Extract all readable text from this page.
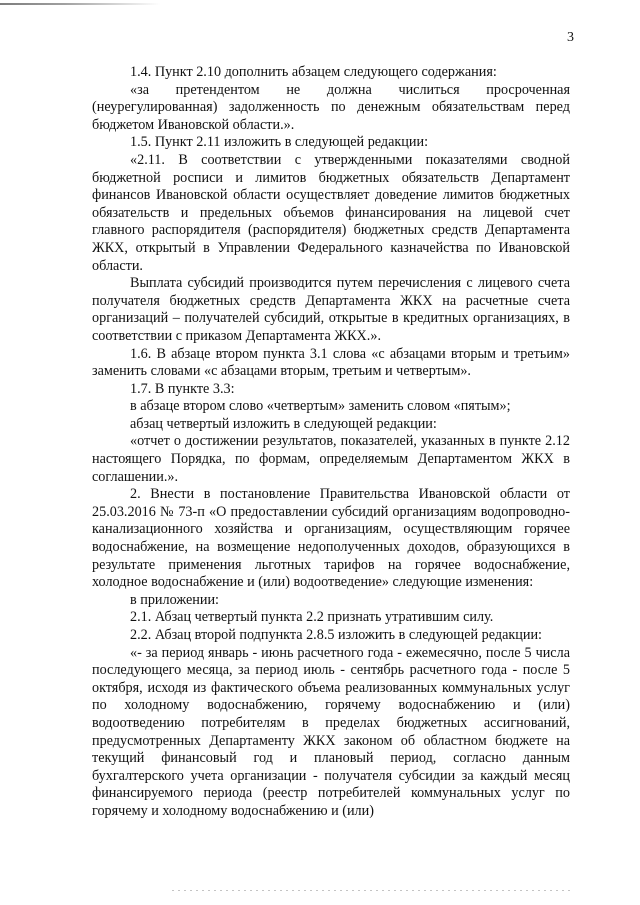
3

1.4. Пункт 2.10 дополнить абзацем следующего содержания:

«за претендентом не должна числиться просроченная (неурегулированная) задолженность по денежным обязательствам перед бюджетом Ивановской области.».

1.5. Пункт 2.11 изложить в следующей редакции:

«2.11. В соответствии с утвержденными показателями сводной бюджетной росписи и лимитов бюджетных обязательств Департамент финансов Ивановской области осуществляет доведение лимитов бюджетных обязательств и предельных объемов финансирования на лицевой счет главного распорядителя (распорядителя) бюджетных средств Департамента ЖКХ, открытый в Управлении Федерального казначейства по Ивановской области.

Выплата субсидий производится путем перечисления с лицевого счета получателя бюджетных средств Департамента ЖКХ на расчетные счета организаций – получателей субсидий, открытые в кредитных организациях, в соответствии с приказом Департамента ЖКХ.».

1.6. В абзаце втором пункта 3.1 слова «с абзацами вторым и третьим» заменить словами «с абзацами вторым, третьим и четвертым».

1.7. В пункте 3.3:

в абзаце втором слово «четвертым» заменить словом «пятым»;

абзац четвертый изложить в следующей редакции:

«отчет о достижении результатов, показателей, указанных в пункте 2.12 настоящего Порядка, по формам, определяемым Департаментом ЖКХ в соглашении.».

2. Внести в постановление Правительства Ивановской области от 25.03.2016 № 73-п «О предоставлении субсидий организациям водопроводно-канализационного хозяйства и организациям, осуществляющим горячее водоснабжение, на возмещение недополученных доходов, образующихся в результате применения льготных тарифов на горячее водоснабжение, холодное водоснабжение и (или) водоотведение» следующие изменения:

в приложении:

2.1. Абзац четвертый пункта 2.2 признать утратившим силу.

2.2. Абзац второй подпункта 2.8.5 изложить в следующей редакции:

«- за период январь - июнь расчетного года - ежемесячно, после 5 числа последующего месяца, за период июль - сентябрь расчетного года - после 5 октября, исходя из фактического объема реализованных коммунальных услуг по холодному водоснабжению, горячему водоснабжению и (или) водоотведению потребителям в пределах бюджетных ассигнований, предусмотренных Департаменту ЖКХ законом об областном бюджете на текущий финансовый год и плановый период, согласно данным бухгалтерского учета организации - получателя субсидии за каждый месяц финансируемого периода (реестр потребителей коммунальных услуг по горячему и холодному водоснабжению и (или)
